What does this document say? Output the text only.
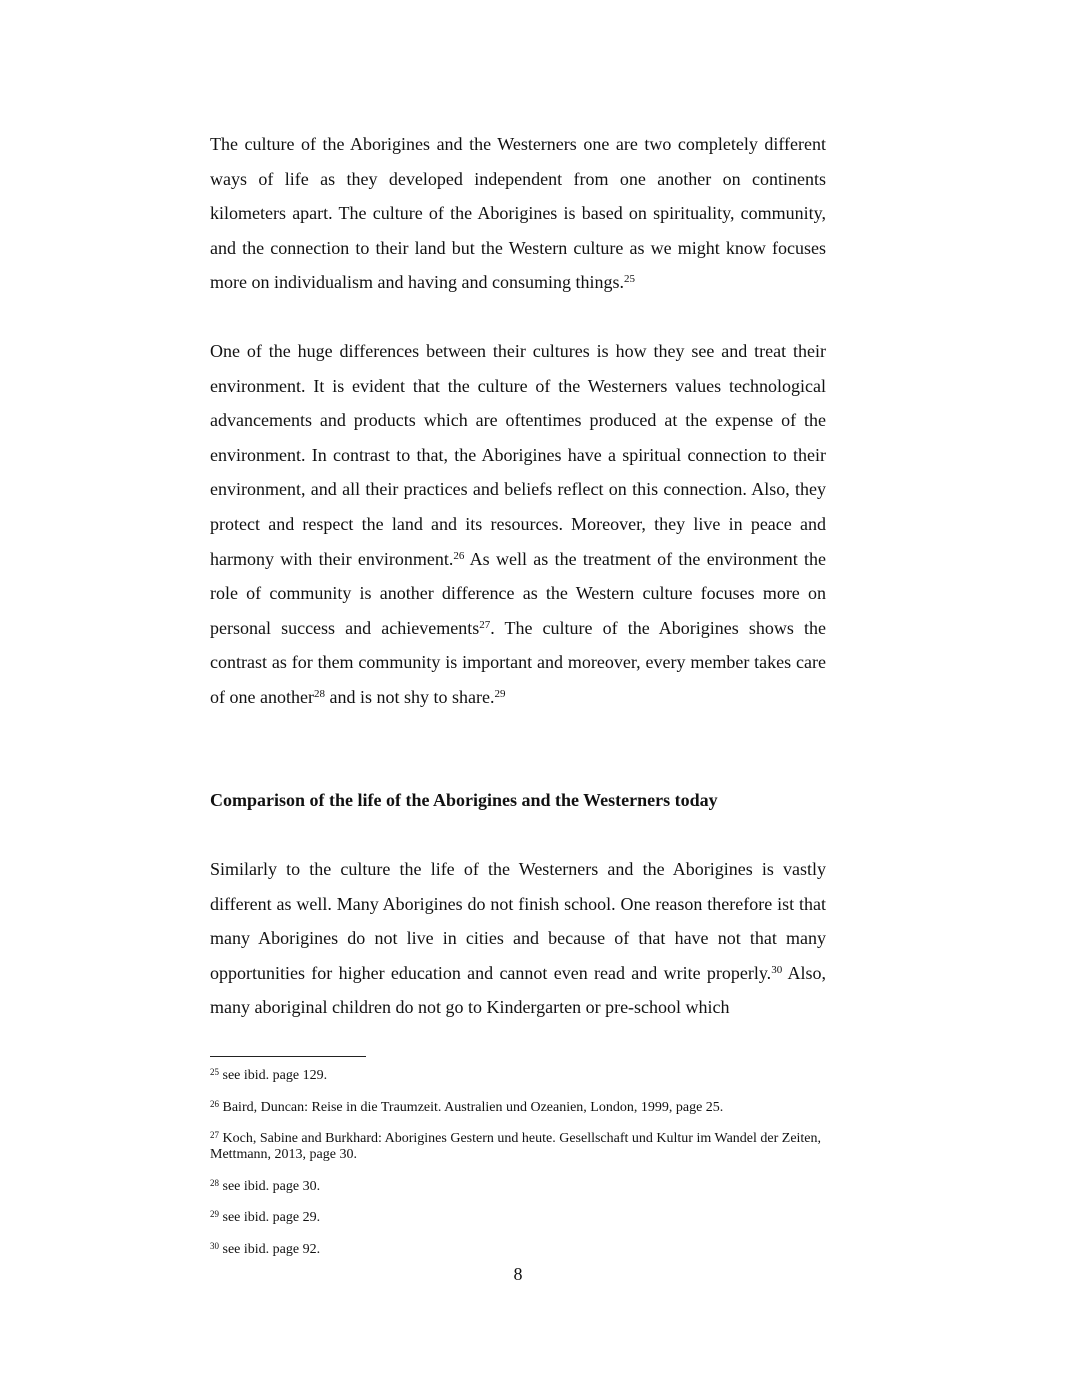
The culture of the Aborigines and the Westerners one are two completely different ways of life as they developed independent from one another on continents kilometers apart. The culture of the Aborigines is based on spirituality, community, and the connection to their land but the Western culture as we might know focuses more on individualism and having and consuming things.$^{25}$

One of the huge differences between their cultures is how they see and treat their environment. It is evident that the culture of the Westerners values technological advancements and products which are oftentimes produced at the expense of the environment. In contrast to that, the Aborigines have a spiritual connection to their environment, and all their practices and beliefs reflect on this connection. Also, they protect and respect the land and its resources. Moreover, they live in peace and harmony with their environment.$^{26}$ As well as the treatment of the environment the role of community is another difference as the Western culture focuses more on personal success and achievements$^{27}$. The culture of the Aborigines shows the contrast as for them community is important and moreover, every member takes care of one another$^{28}$ and is not shy to share.$^{29}$

Comparison of the life of the Aborigines and the Westerners today

Similarly to the culture the life of the Westerners and the Aborigines is vastly different as well. Many Aborigines do not finish school. One reason therefore ist that many Aborigines do not live in cities and because of that have not that many opportunities for higher education and cannot even read and write properly.$^{30}$ Also, many aboriginal children do not go to Kindergarten or pre-school which

$^{25}$ see ibid. page 129.
$^{26}$ Baird, Duncan: Reise in die Traumzeit. Australien und Ozeanien, London, 1999, page 25.
$^{27}$ Koch, Sabine and Burkhard: Aborigines Gestern und heute. Gesellschaft und Kultur im Wandel der Zeiten, Mettmann, 2013, page 30.
$^{28}$ see ibid. page 30.
$^{29}$ see ibid. page 29.
$^{30}$ see ibid. page 92.
8
